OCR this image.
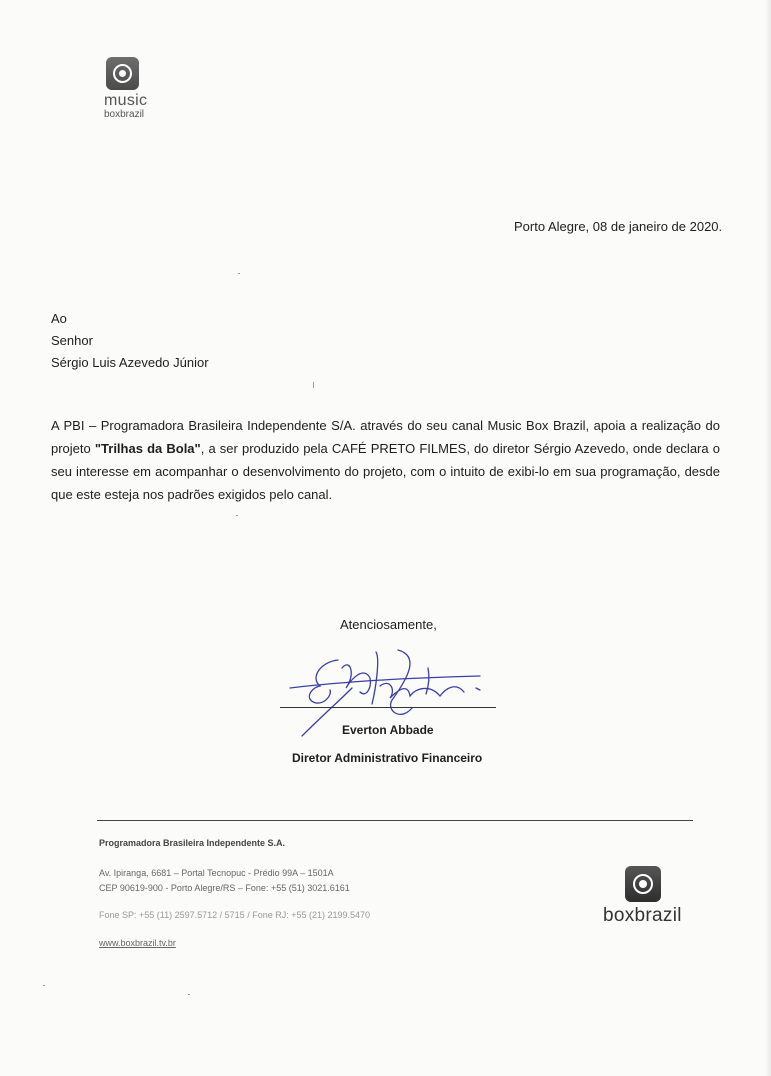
music
boxbrazil
Porto Alegre, 08 de janeiro de 2020.
Ao
Senhor
Sérgio Luis Azevedo Júnior
A PBI – Programadora Brasileira Independente S/A. através do seu canal Music Box Brazil, apoia a realização do projeto "Trilhas da Bola", a ser produzido pela CAFÉ PRETO FILMES, do diretor Sérgio Azevedo, onde declara o seu interesse em acompanhar o desenvolvimento do projeto, com o intuito de exibi-lo em sua programação, desde que este esteja nos padrões exigidos pelo canal.
Atenciosamente,
Everton Abbade
Diretor Administrativo Financeiro
Programadora Brasileira Independente S.A.
Av. Ipiranga, 6681 – Portal Tecnopuc - Prédio 99A – 1501A
CEP 90619-900 - Porto Alegre/RS – Fone: +55 (51) 3021.6161
Fone SP: +55 (11) 2597.5712 / 5715 / Fone RJ: +55 (21) 2199.5470
www.boxbrazil.tv.br
boxbrazil
